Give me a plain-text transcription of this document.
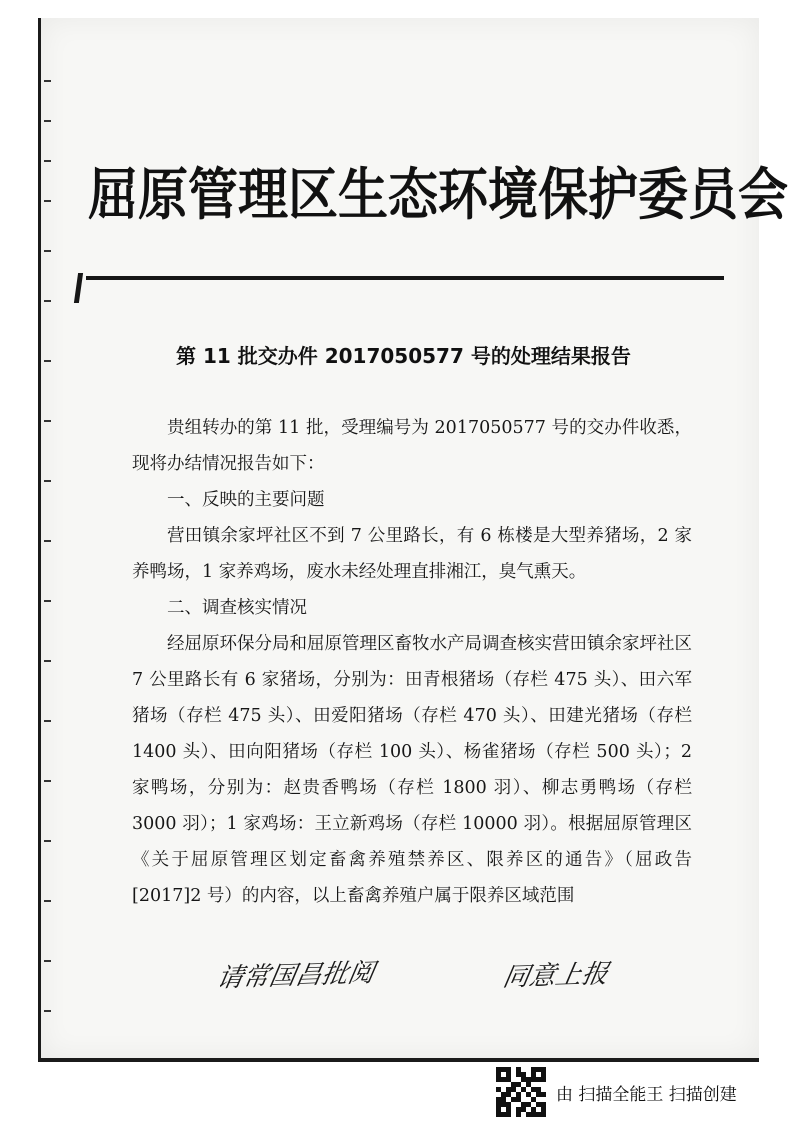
屈原管理区生态环境保护委员会
第 11 批交办件 2017050577 号的处理结果报告

贵组转办的第 11 批，受理编号为 2017050577 号的交办件收悉，现将办结情况报告如下：

一、反映的主要问题

营田镇余家坪社区不到 7 公里路长，有 6 栋楼是大型养猪场，2 家养鸭场，1 家养鸡场，废水未经处理直排湘江，臭气熏天。

二、调查核实情况

经屈原环保分局和屈原管理区畜牧水产局调查核实营田镇余家坪社区 7 公里路长有 6 家猪场，分别为：田青根猪场（存栏 475 头）、田六军猪场（存栏 475 头）、田爱阳猪场（存栏 470 头）、田建光猪场（存栏 1400 头）、田向阳猪场（存栏 100 头）、杨雀猪场（存栏 500 头）；2 家鸭场，分别为：赵贵香鸭场（存栏 1800 羽）、柳志勇鸭场（存栏 3000 羽）；1 家鸡场：王立新鸡场（存栏 10000 羽）。根据屈原管理区《关于屈原管理区划定畜禽养殖禁养区、限养区的通告》（屈政告[2017]2 号）的内容，以上畜禽养殖户属于限养区域范围

请常国昌批阅	同意上报
由 扫描全能王 扫描创建
